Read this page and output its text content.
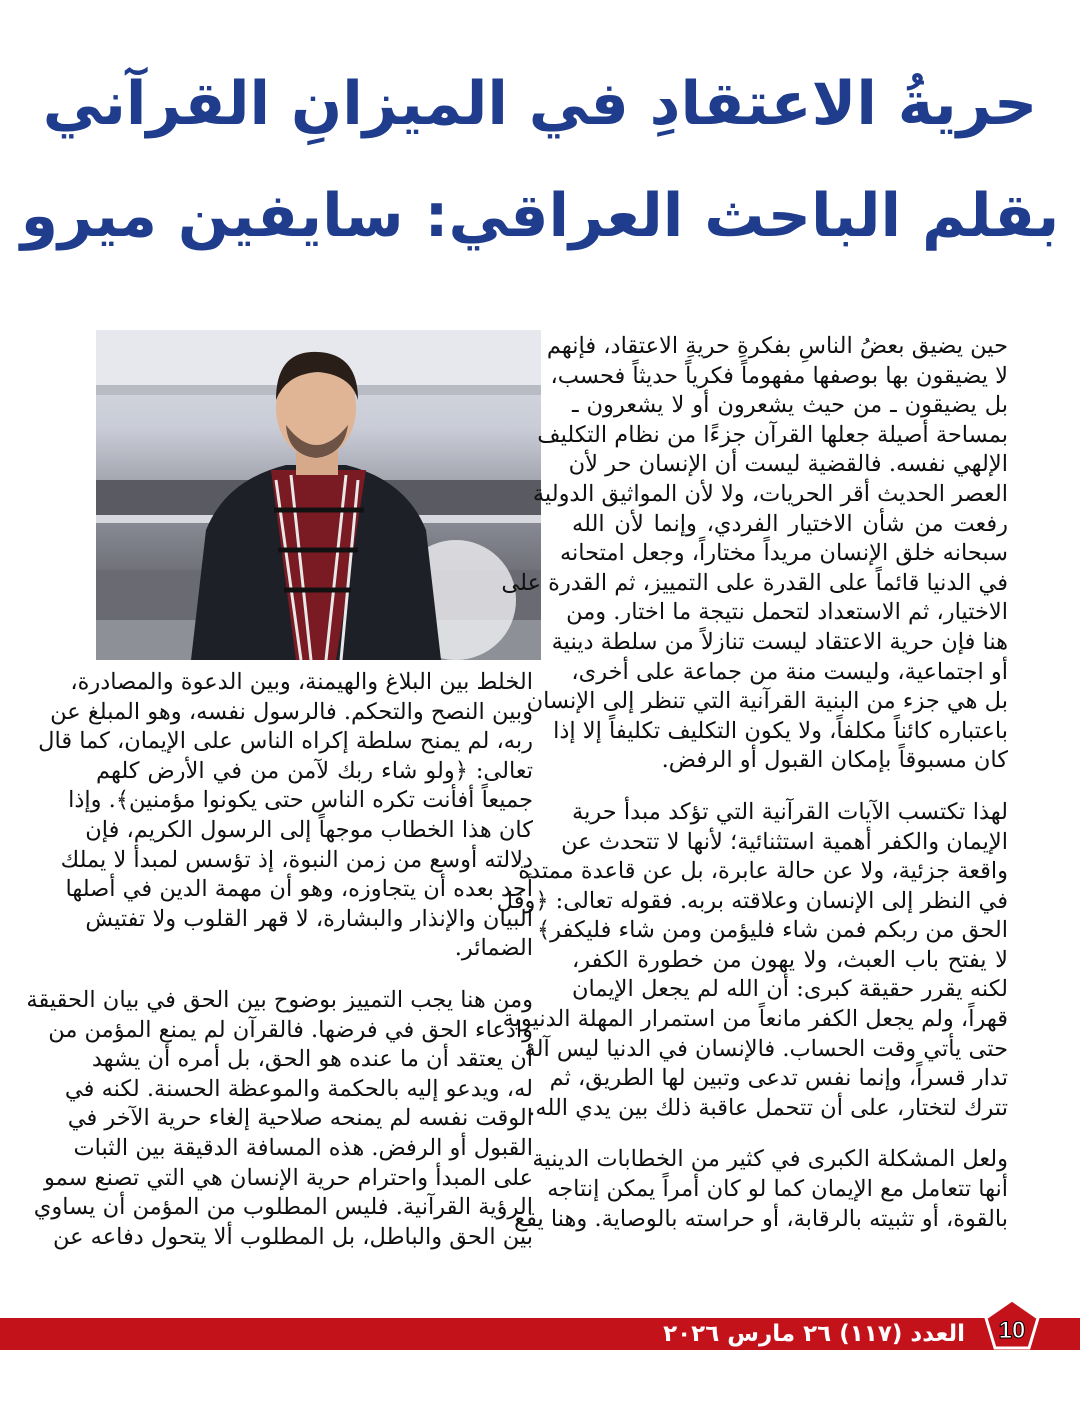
حريةُ الاعتقادِ في الميزانِ القرآني
بقلم الباحث العراقي: سايفين ميرو
حين يضيق بعضُ الناسِ بفكرةِ حريةِ الاعتقاد، فإنهم
لا يضيقون بها بوصفها مفهوماً فكرياً حديثاً فحسب،
بل يضيقون ـ من حيث يشعرون أو لا يشعرون ـ
بمساحة أصيلة جعلها القرآن جزءًا من نظام التكليف
الإلهي نفسه. فالقضية ليست أن الإنسان حر لأن
العصر الحديث أقر الحريات، ولا لأن المواثيق الدولية
رفعت من شأن الاختيار الفردي، وإنما لأن الله
سبحانه خلق الإنسان مريداً مختاراً، وجعل امتحانه
في الدنيا قائماً على القدرة على التمييز، ثم القدرة على
الاختيار، ثم الاستعداد لتحمل نتيجة ما اختار. ومن
هنا فإن حرية الاعتقاد ليست تنازلاً من سلطة دينية
أو اجتماعية، وليست منة من جماعة على أخرى،
بل هي جزء من البنية القرآنية التي تنظر إلى الإنسان
باعتباره كائناً مكلفاً، ولا يكون التكليف تكليفاً إلا إذا
كان مسبوقاً بإمكان القبول أو الرفض.
لهذا تكتسب الآيات القرآنية التي تؤكد مبدأ حرية
الإيمان والكفر أهمية استثنائية؛ لأنها لا تتحدث عن
واقعة جزئية، ولا عن حالة عابرة، بل عن قاعدة ممتدة
في النظر إلى الإنسان وعلاقته بربه. فقوله تعالى: ﴿وقل
الحق من ربكم فمن شاء فليؤمن ومن شاء فليكفر﴾
لا يفتح باب العبث، ولا يهون من خطورة الكفر،
لكنه يقرر حقيقة كبرى: أن الله لم يجعل الإيمان
قهراً، ولم يجعل الكفر مانعاً من استمرار المهلة الدنيوية
حتى يأتي وقت الحساب. فالإنسان في الدنيا ليس آلة
تدار قسراً، وإنما نفس تدعى وتبين لها الطريق، ثم
تترك لتختار، على أن تتحمل عاقبة ذلك بين يدي الله.
ولعل المشكلة الكبرى في كثير من الخطابات الدينية
أنها تتعامل مع الإيمان كما لو كان أمراً يمكن إنتاجه
بالقوة، أو تثبيته بالرقابة، أو حراسته بالوصاية. وهنا يقع
الخلط بين البلاغ والهيمنة، وبين الدعوة والمصادرة،
وبين النصح والتحكم. فالرسول نفسه، وهو المبلغ عن
ربه، لم يمنح سلطة إكراه الناس على الإيمان، كما قال
تعالى: ﴿ولو شاء ربك لآمن من في الأرض كلهم
جميعاً أفأنت تكره الناس حتى يكونوا مؤمنين﴾. وإذا
كان هذا الخطاب موجهاً إلى الرسول الكريم، فإن
دلالته أوسع من زمن النبوة، إذ تؤسس لمبدأ لا يملك
أحد بعده أن يتجاوزه، وهو أن مهمة الدين في أصلها
البيان والإنذار والبشارة، لا قهر القلوب ولا تفتيش
الضمائر.
ومن هنا يجب التمييز بوضوح بين الحق في بيان الحقيقة
وادعاء الحق في فرضها. فالقرآن لم يمنع المؤمن من
أن يعتقد أن ما عنده هو الحق، بل أمره أن يشهد
له، ويدعو إليه بالحكمة والموعظة الحسنة. لكنه في
الوقت نفسه لم يمنحه صلاحية إلغاء حرية الآخر في
القبول أو الرفض. هذه المسافة الدقيقة بين الثبات
على المبدأ واحترام حرية الإنسان هي التي تصنع سمو
الرؤية القرآنية. فليس المطلوب من المؤمن أن يساوي
بين الحق والباطل، بل المطلوب ألا يتحول دفاعه عن
العدد (١١٧) ٢٦ مارس ٢٠٢٦ 10
